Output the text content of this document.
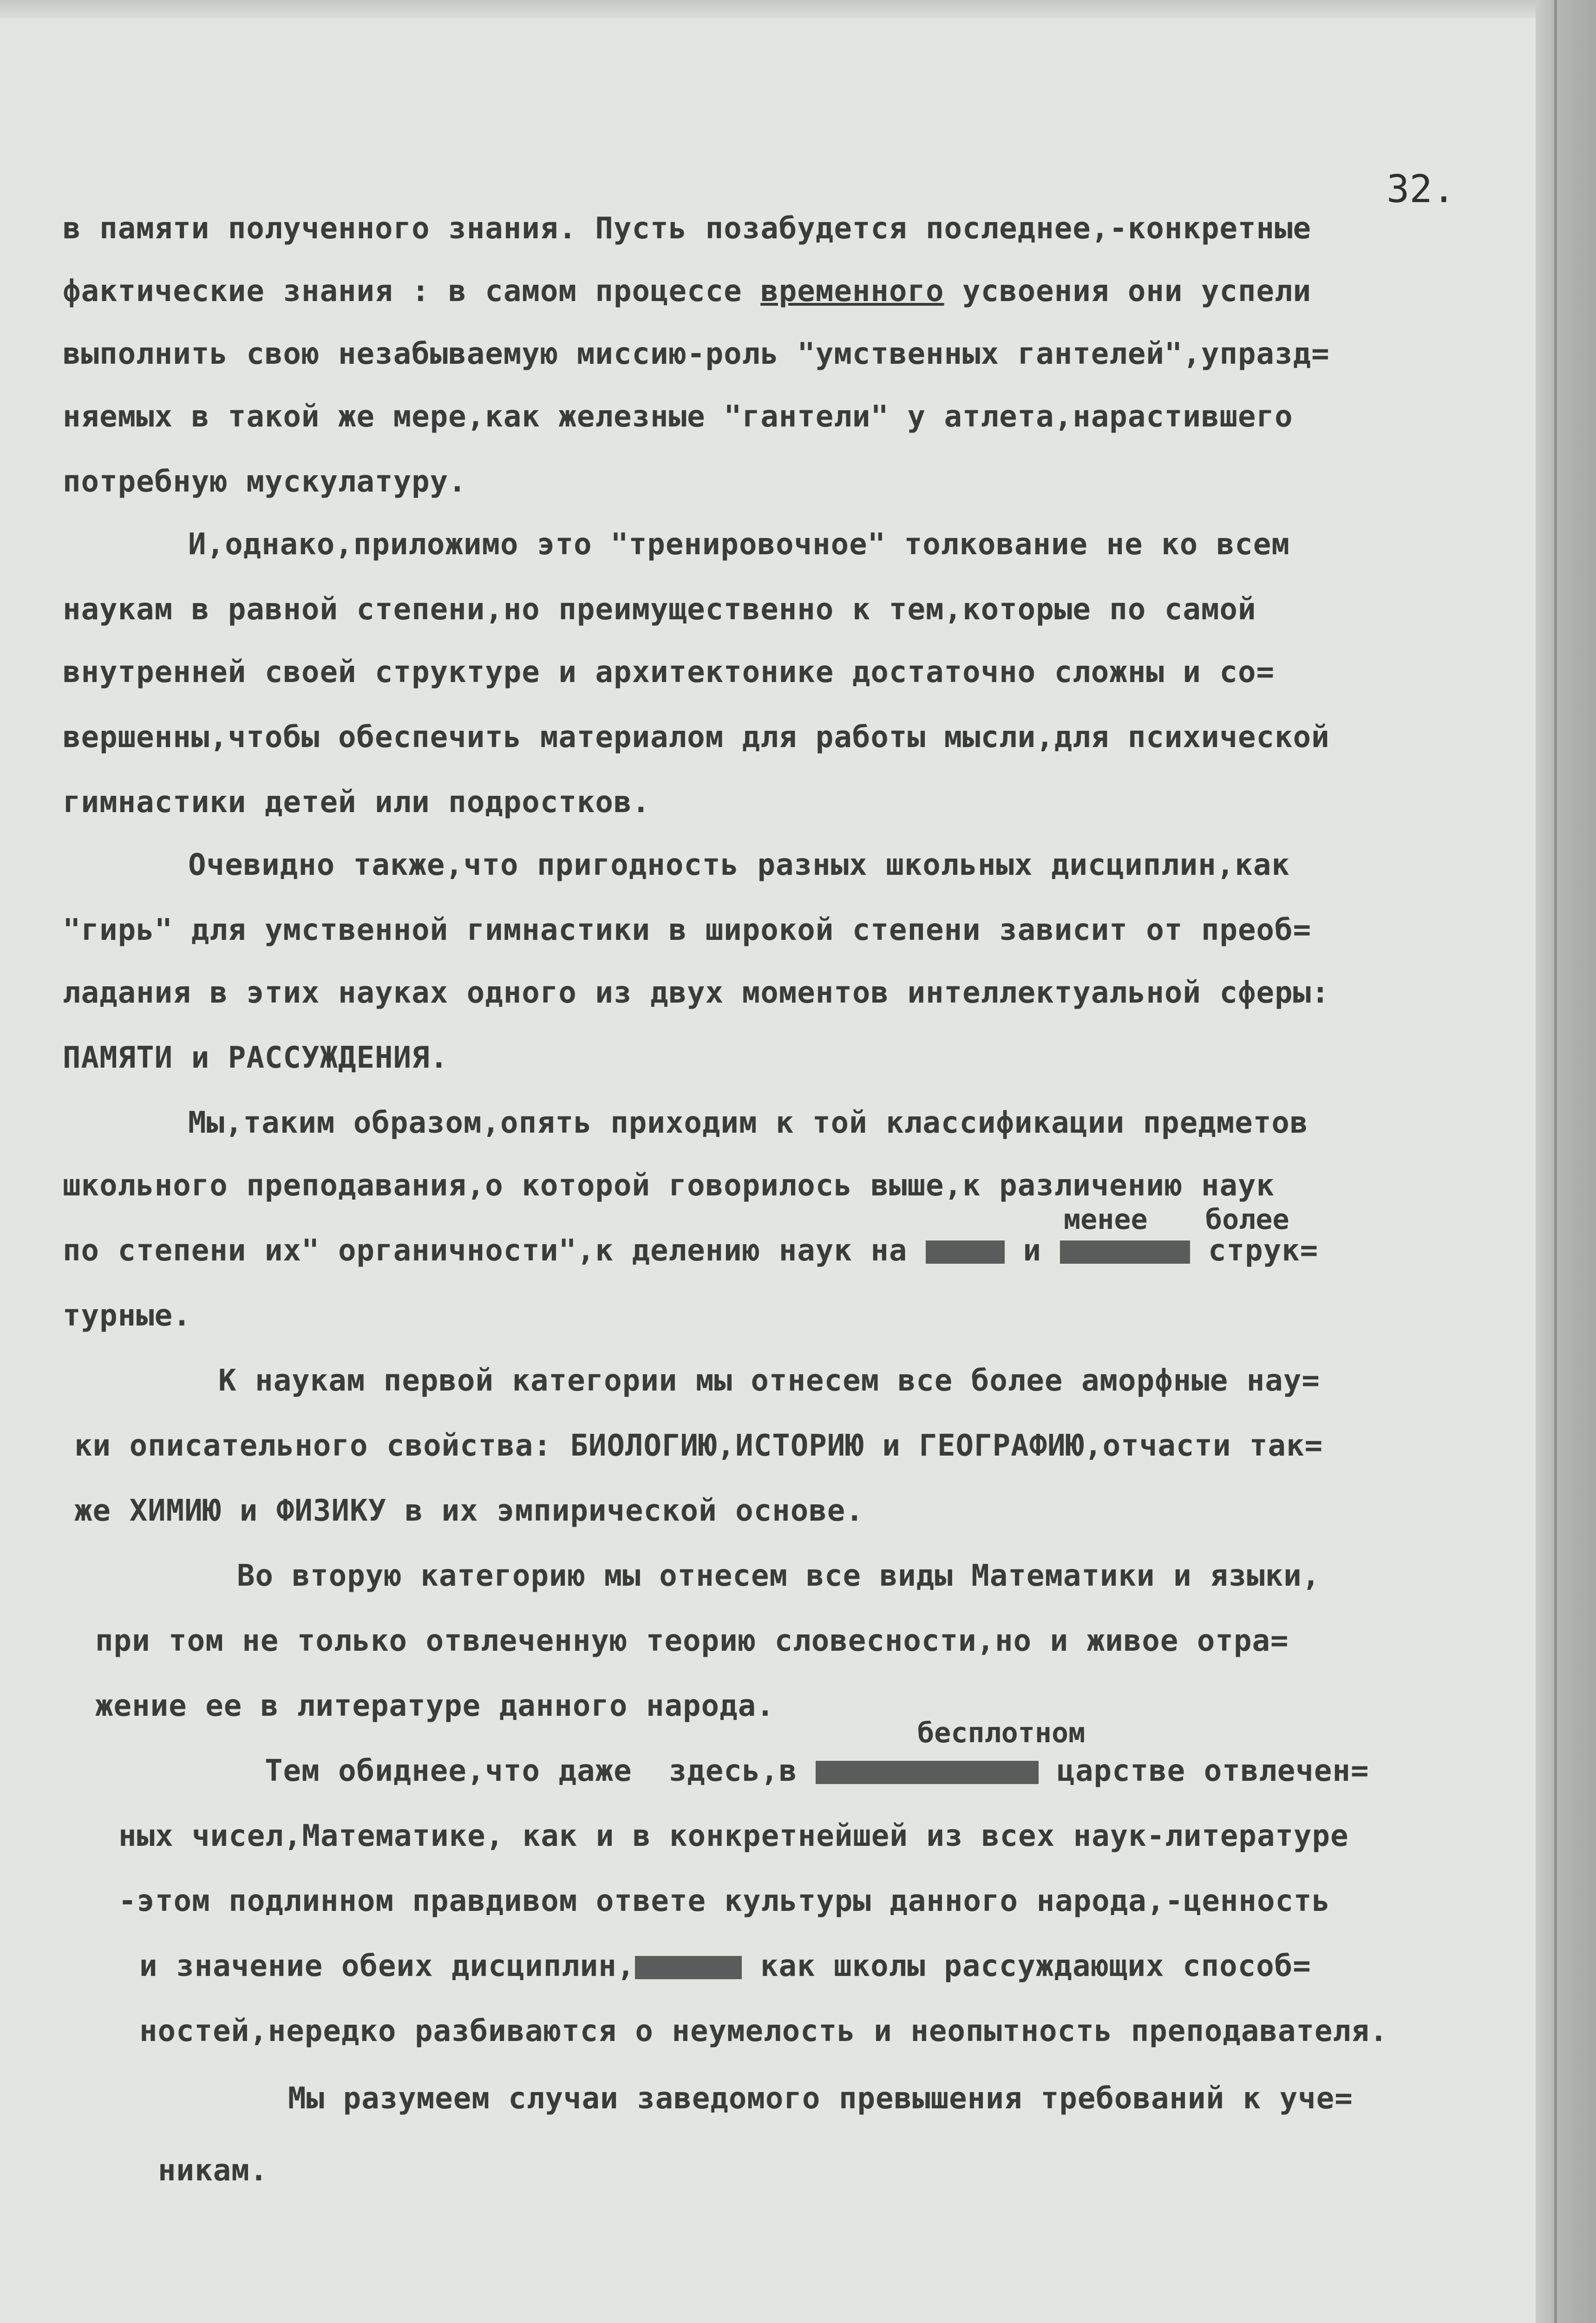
32.
в памяти полученного знания. Пусть позабудется последнее,-конкретные
фактические знания : в самом процессе временного усвоения они успели
выполнить свою незабываемую миссию-роль "умственных гантелей",упразд=
няемых в такой же мере,как железные "гантели" у атлета,нарастившего
потребную мускулатуру.
И,однако,приложимо это "тренировочное" толкование не ко всем
наукам в равной степени,но преимущественно к тем,которые по самой
внутренней своей структуре и архитектонике достаточно сложны и со=
вершенны,чтобы обеспечить материалом для работы мысли,для психической
гимнастики детей или подростков.
Очевидно также,что пригодность разных школьных дисциплин,как
"гирь" для умственной гимнастики в широкой степени зависит от преоб=
ладания в этих науках одного из двух моментов интеллектуальной сферы:
ПАМЯТИ и РАССУЖДЕНИЯ.
Мы,таким образом,опять приходим к той классификации предметов
школьного преподавания,о которой говорилось выше,к различению наук
менее более
по степени их" органичности",к делению наук на	и	струк=
турные.
К наукам первой категории мы отнесем все более аморфные нау=
ки описательного свойства: БИОЛОГИЮ,ИСТОРИЮ и ГЕОГРАФИЮ,отчасти так=
же ХИМИЮ и ФИЗИКУ в их эмпирической основе.
Во вторую категорию мы отнесем все виды Математики и языки,
при том не только отвлеченную теорию словесности,но и живое отра=
жение ее в литературе данного народа.
бесплотном
Тем обиднее,что даже здесь,в	царстве отвлечен=
ных чисел,Математике, как и в конкретнейшей из всех наук-литературе
-этом подлинном правдивом ответе культуры данного народа,-ценность
и значение обеих дисциплин,	как школы рассуждающих способ=
ностей,нередко разбиваются о неумелость и неопытность преподавателя.
Мы разумеем случаи заведомого превышения требований к уче=
никам.
